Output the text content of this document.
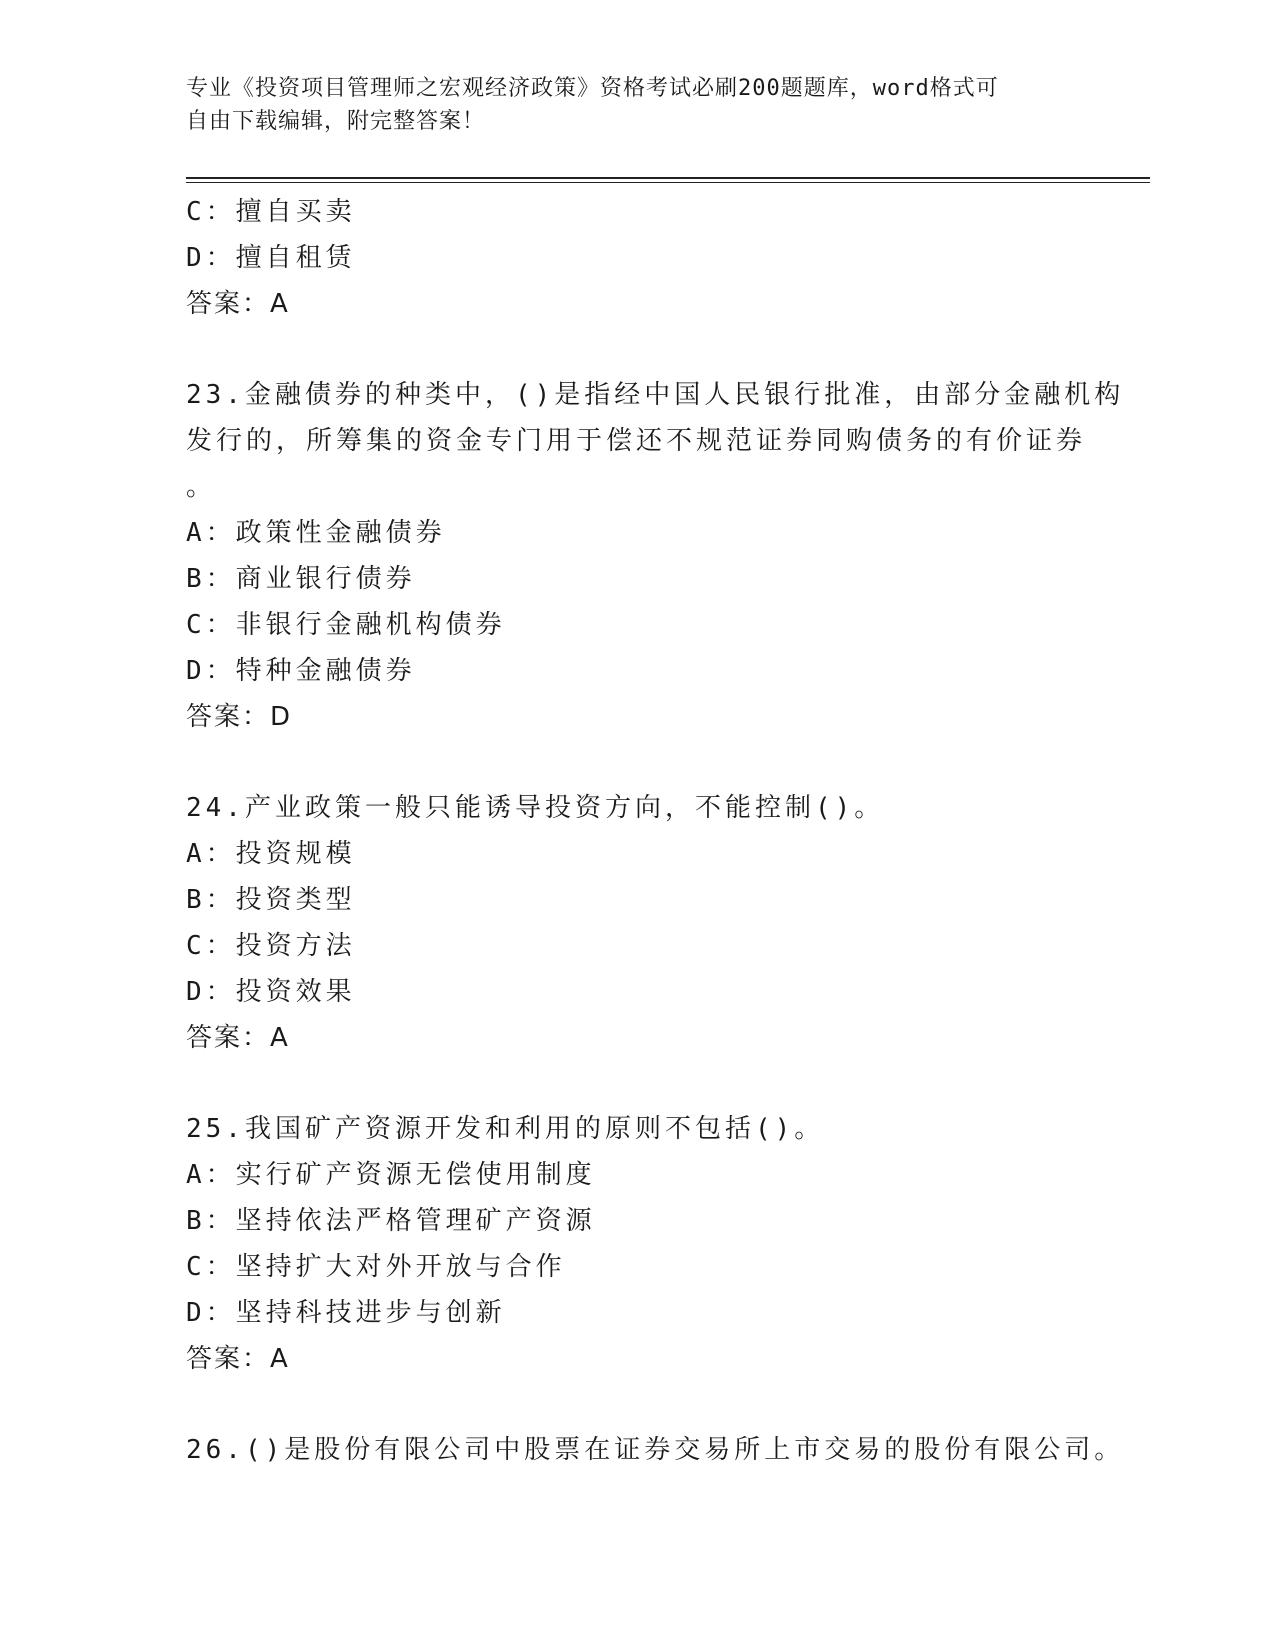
专业《投资项目管理师之宏观经济政策》资格考试必刷200题题库，word格式可
自由下载编辑，附完整答案！
C：擅自买卖
D：擅自租赁
答案：A
23.金融债券的种类中，()是指经中国人民银行批准，由部分金融机构
发行的，所筹集的资金专门用于偿还不规范证券同购债务的有价证券
。
A：政策性金融债券
B：商业银行债券
C：非银行金融机构债券
D：特种金融债券
答案：D
24.产业政策一般只能诱导投资方向，不能控制()。
A：投资规模
B：投资类型
C：投资方法
D：投资效果
答案：A
25.我国矿产资源开发和利用的原则不包括()。
A：实行矿产资源无偿使用制度
B：坚持依法严格管理矿产资源
C：坚持扩大对外开放与合作
D：坚持科技进步与创新
答案：A
26.()是股份有限公司中股票在证券交易所上市交易的股份有限公司。
